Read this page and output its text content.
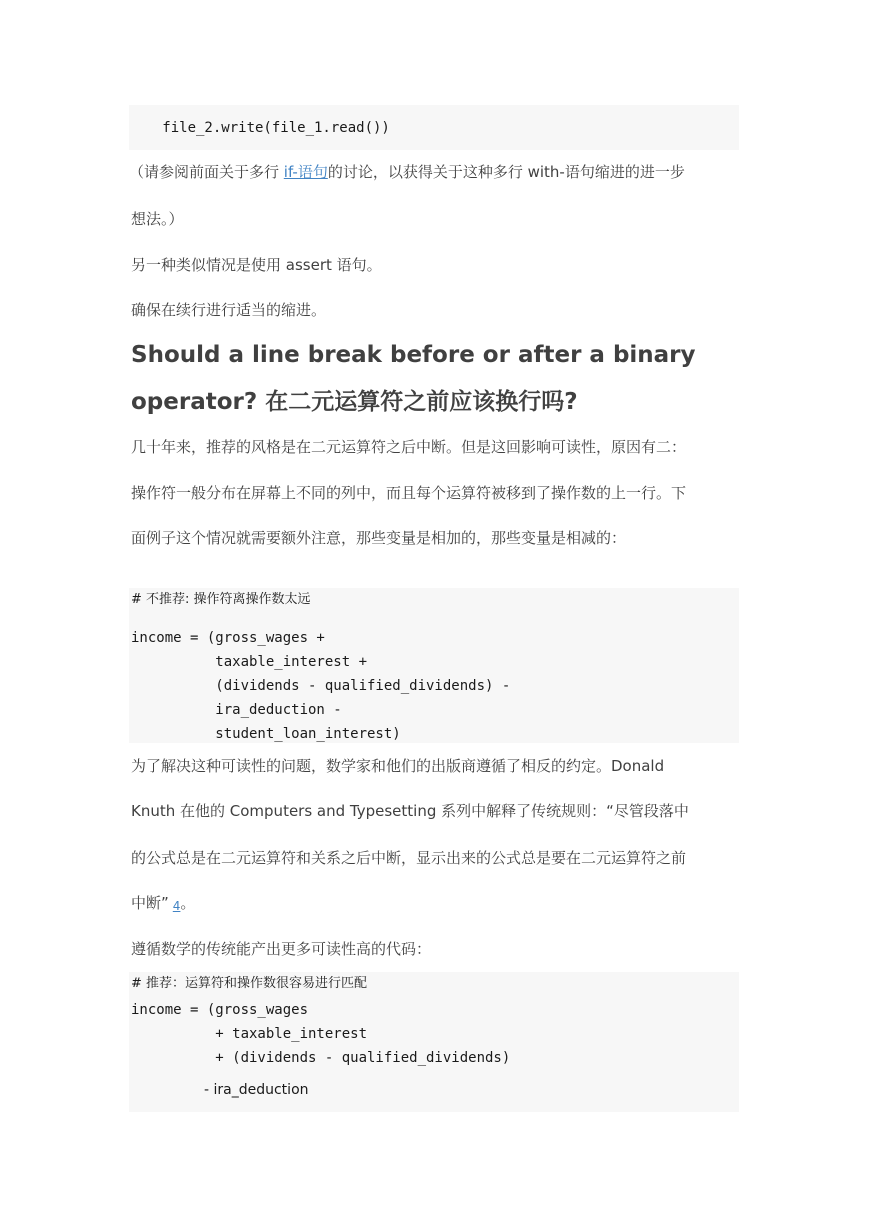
file_2.write(file_1.read())
（请参阅前面关于多行 if-语句的讨论，以获得关于这种多行 with-语句缩进的进一步
想法。）
另一种类似情况是使用 assert 语句。
确保在续行进行适当的缩进。
Should a line break before or after a binary
operator? 在二元运算符之前应该换行吗?
几十年来，推荐的风格是在二元运算符之后中断。但是这回影响可读性，原因有二：
操作符一般分布在屏幕上不同的列中，而且每个运算符被移到了操作数的上一行。下
面例子这个情况就需要额外注意，那些变量是相加的，那些变量是相减的：
# 不推荐: 操作符离操作数太远
income = (gross_wages +
taxable_interest +
(dividends - qualified_dividends) -
ira_deduction -
student_loan_interest)
为了解决这种可读性的问题，数学家和他们的出版商遵循了相反的约定。Donald
Knuth 在他的 Computers and Typesetting 系列中解释了传统规则：“尽管段落中
的公式总是在二元运算符和关系之后中断，显示出来的公式总是要在二元运算符之前
中断” 4。
遵循数学的传统能产出更多可读性高的代码：
# 推荐：运算符和操作数很容易进行匹配
income = (gross_wages
+ taxable_interest
+ (dividends - qualified_dividends)
- ira_deduction
